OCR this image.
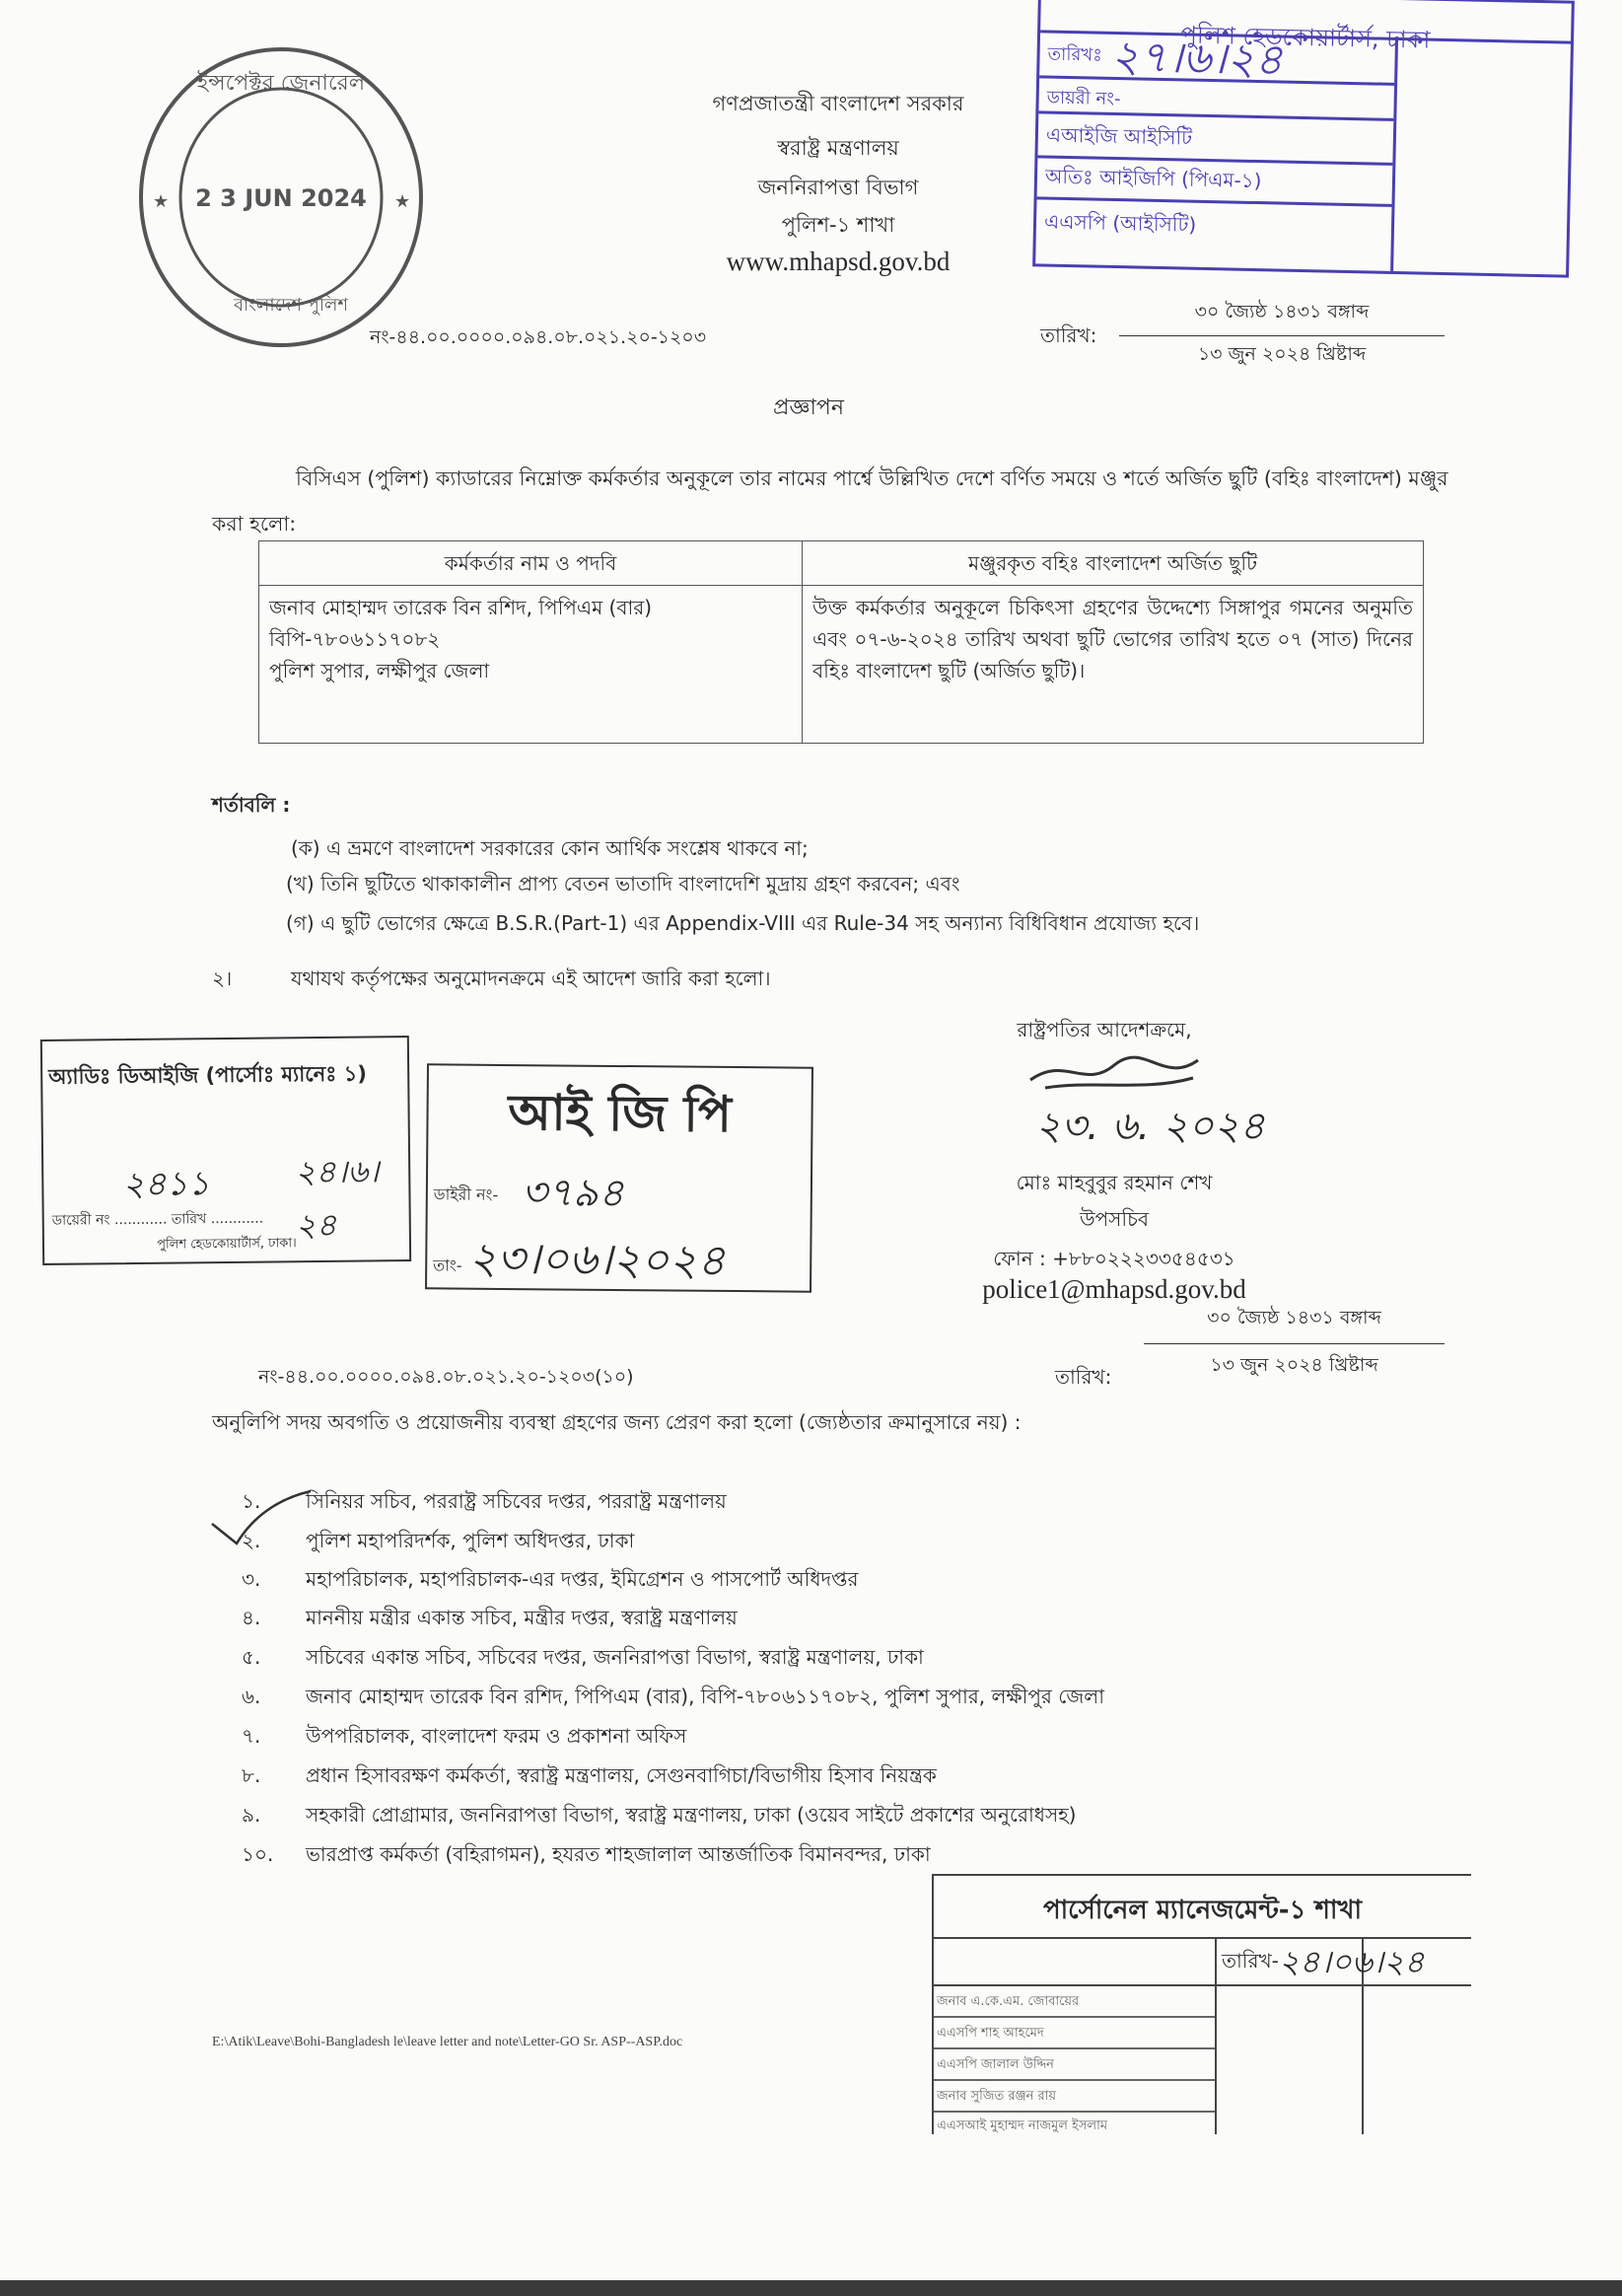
★	★
ইন্সপেক্টর জেনারেল
2 3 JUN 2024
বাংলাদেশ পুলিশ
গণপ্রজাতন্ত্রী বাংলাদেশ সরকার
স্বরাষ্ট্র মন্ত্রণালয়
জননিরাপত্তা বিভাগ
পুলিশ-১ শাখা
www.mhapsd.gov.bd
পুলিশ হেডকোয়ার্টার্স, ঢাকা
তারিখঃ ২৭।৬।২৪
ডায়রী নং-
এআইজি আইসিটি
অতিঃ আইজিপি (পিএম-১)
এএসপি (আইসিটি)
নং-৪৪.০০.০০০০.০৯৪.০৮.০২১.২০-১২০৩	তারিখ:
৩০ জ্যৈষ্ঠ ১৪৩১ বঙ্গাব্দ
১৩ জুন ২০২৪ খ্রিষ্টাব্দ
প্রজ্ঞাপন
বিসিএস (পুলিশ) ক্যাডারের নিম্নোক্ত কর্মকর্তার অনুকূলে তার নামের পার্শ্বে উল্লিখিত দেশে বর্ণিত সময়ে ও শর্তে অর্জিত ছুটি (বহিঃ বাংলাদেশ) মঞ্জুর করা হলো:
কর্মকর্তার নাম ও পদবি	মঞ্জুরকৃত বহিঃ বাংলাদেশ অর্জিত ছুটি

জনাব মোহাম্মদ তারেক বিন রশিদ, পিপিএম (বার)
বিপি-৭৮০৬১১৭০৮২
পুলিশ সুপার, লক্ষীপুর জেলা	উক্ত কর্মকর্তার অনুকূলে চিকিৎসা গ্রহণের উদ্দেশ্যে সিঙ্গাপুর গমনের অনুমতি এবং ০৭-৬-২০২৪ তারিখ অথবা ছুটি ভোগের তারিখ হতে ০৭ (সাত) দিনের বহিঃ বাংলাদেশ ছুটি (অর্জিত ছুটি)।
শর্তাবলি :
(ক) এ ভ্রমণে বাংলাদেশ সরকারের কোন আর্থিক সংশ্লেষ থাকবে না;
(খ) তিনি ছুটিতে থাকাকালীন প্রাপ্য বেতন ভাতাদি বাংলাদেশি মুদ্রায় গ্রহণ করবেন; এবং
(গ) এ ছুটি ভোগের ক্ষেত্রে B.S.R.(Part-1) এর Appendix-VIII এর Rule-34 সহ অন্যান্য বিধিবিধান প্রযোজ্য হবে।
২।	যথাযথ কর্তৃপক্ষের অনুমোদনক্রমে এই আদেশ জারি করা হলো।
অ্যাডিঃ ডিআইজি (পার্সোঃ ম্যানেঃ ১)
২৪১১	২৪।৬।২৪
ডায়েরী নং ............ তারিখ ............
পুলিশ হেডকোয়ার্টার্স, ঢাকা।
আই জি পি
ডাইরী নং- ৩৭৯৪
তাং- ২৩।০৬।২০২৪
রাষ্ট্রপতির আদেশক্রমে,
২৩. ৬. ২০২৪
মোঃ মাহবুবুর রহমান শেখ
উপসচিব
ফোন : +৮৮০২২২৩৩৫৪৫৩১
police1@mhapsd.gov.bd
নং-৪৪.০০.০০০০.০৯৪.০৮.০২১.২০-১২০৩(১০)	তারিখ:
৩০ জ্যৈষ্ঠ ১৪৩১ বঙ্গাব্দ
১৩ জুন ২০২৪ খ্রিষ্টাব্দ
অনুলিপি সদয় অবগতি ও প্রয়োজনীয় ব্যবস্থা গ্রহণের জন্য প্রেরণ করা হলো (জ্যেষ্ঠতার ক্রমানুসারে নয়) :
১. সিনিয়র সচিব, পররাষ্ট্র সচিবের দপ্তর, পররাষ্ট্র মন্ত্রণালয়
২. পুলিশ মহাপরিদর্শক, পুলিশ অধিদপ্তর, ঢাকা
৩. মহাপরিচালক, মহাপরিচালক-এর দপ্তর, ইমিগ্রেশন ও পাসপোর্ট অধিদপ্তর
৪. মাননীয় মন্ত্রীর একান্ত সচিব, মন্ত্রীর দপ্তর, স্বরাষ্ট্র মন্ত্রণালয়
৫. সচিবের একান্ত সচিব, সচিবের দপ্তর, জননিরাপত্তা বিভাগ, স্বরাষ্ট্র মন্ত্রণালয়, ঢাকা
৬. জনাব মোহাম্মদ তারেক বিন রশিদ, পিপিএম (বার), বিপি-৭৮০৬১১৭০৮২, পুলিশ সুপার, লক্ষীপুর জেলা
৭. উপপরিচালক, বাংলাদেশ ফরম ও প্রকাশনা অফিস
৮. প্রধান হিসাবরক্ষণ কর্মকর্তা, স্বরাষ্ট্র মন্ত্রণালয়, সেগুনবাগিচা/বিভাগীয় হিসাব নিয়ন্ত্রক
৯. সহকারী প্রোগ্রামার, জননিরাপত্তা বিভাগ, স্বরাষ্ট্র মন্ত্রণালয়, ঢাকা (ওয়েব সাইটে প্রকাশের অনুরোধসহ)
১০. ভারপ্রাপ্ত কর্মকর্তা (বহিরাগমন), হযরত শাহজালাল আন্তর্জাতিক বিমানবন্দর, ঢাকা
পার্সোনেল ম্যানেজমেন্ট-১ শাখা
তারিখ- ২৪।০৬।২৪
জনাব এ.কে.এম. জোবায়ের
এএসপি শাহ আহমেদ
এএসপি জালাল উদ্দিন
জনাব সুজিত রঞ্জন রায়
এএসআই মুহাম্মদ নাজমুল ইসলাম
E:\Atik\Leave\Bohi-Bangladesh le\leave letter and note\Letter-GO Sr. ASP--ASP.doc
